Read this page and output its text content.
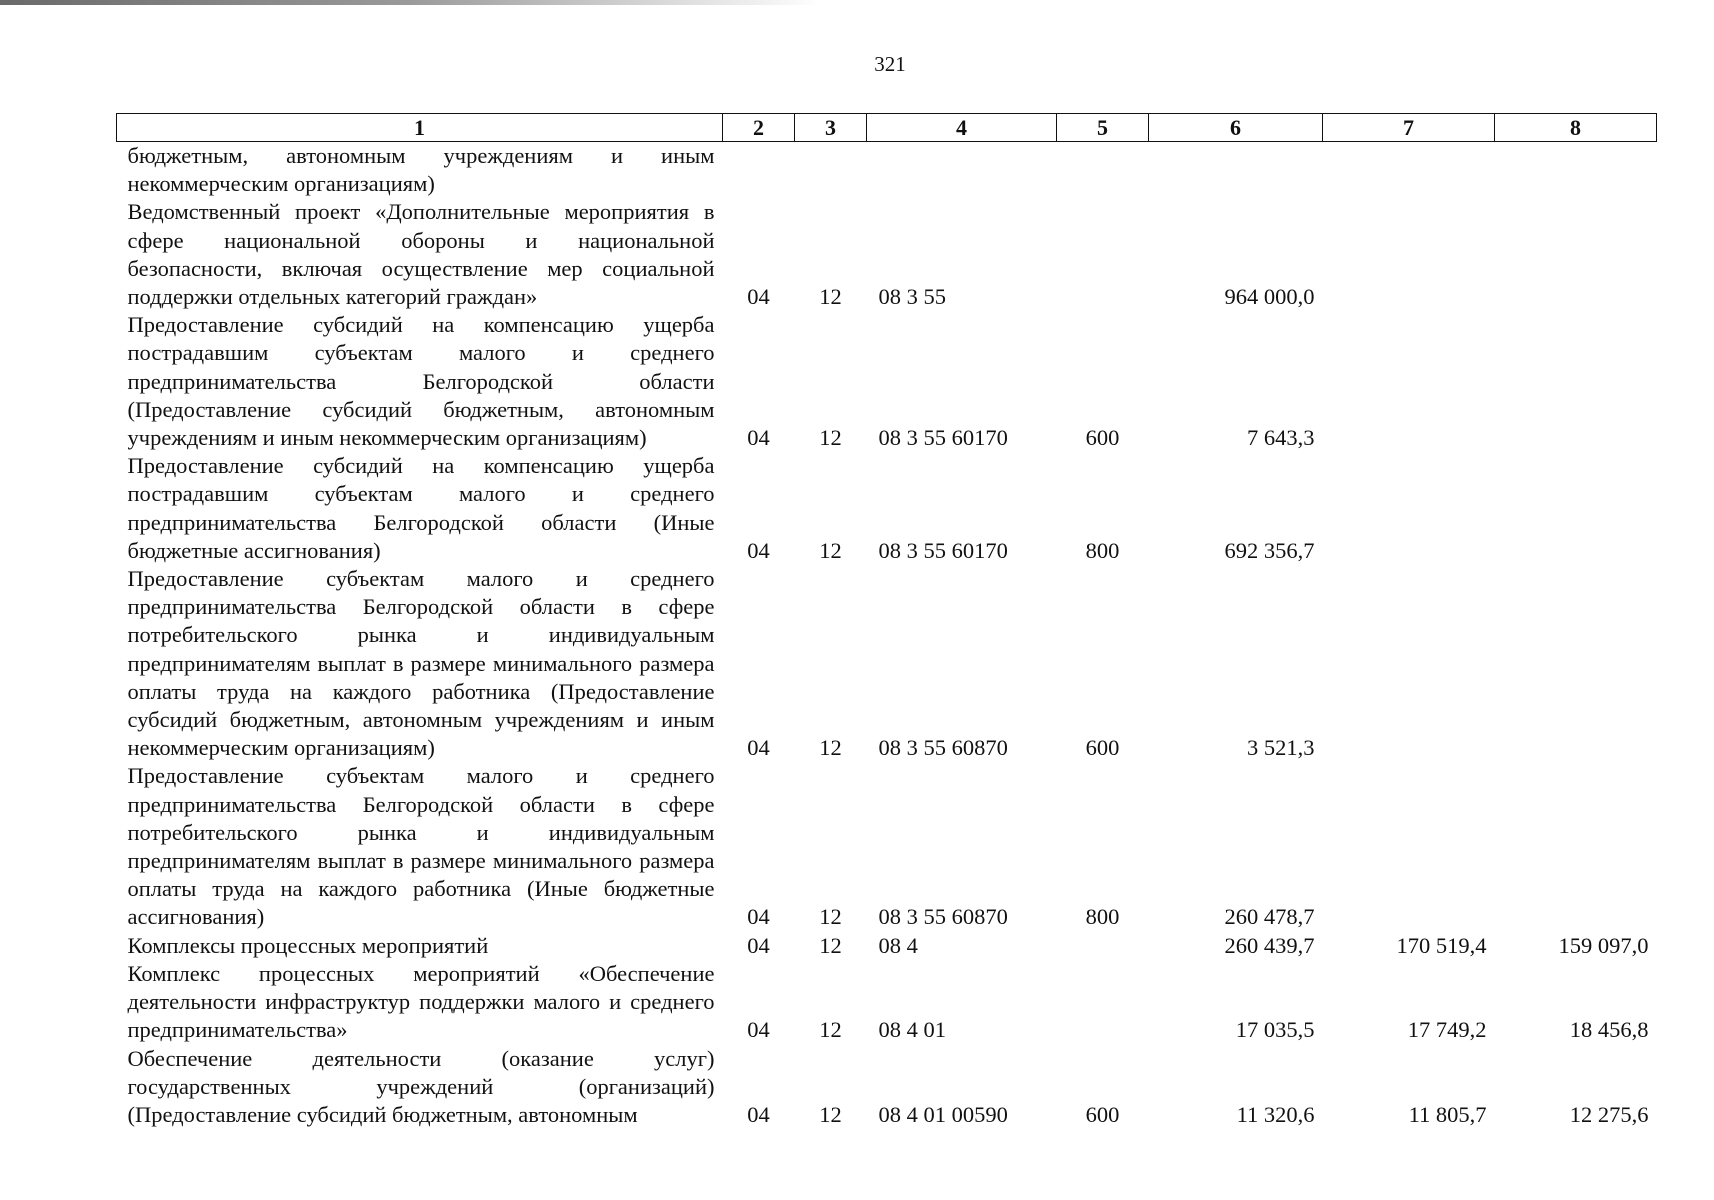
321
1	2	3	4	5	6	7	8
бюджетным, автономным учреждениям и иным некоммерческим организациям)							
Ведомственный проект «Дополнительные мероприятия в сфере национальной обороны и национальной безопасности, включая осуществление мер социальной поддержки отдельных категорий граждан»	04	12	08 3 55		964 000,0		
Предоставление субсидий на компенсацию ущерба пострадавшим субъектам малого и среднего предпринимательства Белгородской области (Предоставление субсидий бюджетным, автономным учреждениям и иным некоммерческим организациям)	04	12	08 3 55 60170	600	7 643,3		
Предоставление субсидий на компенсацию ущерба пострадавшим субъектам малого и среднего предпринимательства Белгородской области (Иные бюджетные ассигнования)	04	12	08 3 55 60170	800	692 356,7		
Предоставление субъектам малого и среднего предпринимательства Белгородской области в сфере потребительского рынка и индивидуальным предпринимателям выплат в размере минимального размера оплаты труда на каждого работника (Предоставление субсидий бюджетным, автономным учреждениям и иным некоммерческим организациям)	04	12	08 3 55 60870	600	3 521,3		
Предоставление субъектам малого и среднего предпринимательства Белгородской области в сфере потребительского рынка и индивидуальным предпринимателям выплат в размере минимального размера оплаты труда на каждого работника (Иные бюджетные ассигнования)	04	12	08 3 55 60870	800	260 478,7		
Комплексы процессных мероприятий	04	12	08 4		260 439,7	170 519,4	159 097,0
Комплекс процессных мероприятий «Обеспечение деятельности инфраструктур поддержки малого и среднего предпринимательства»	04	12	08 4 01		17 035,5	17 749,2	18 456,8
Обеспечение деятельности (оказание услуг) государственных учреждений (организаций) (Предоставление субсидий бюджетным, автономным	04	12	08 4 01 00590	600	11 320,6	11 805,7	12 275,6
